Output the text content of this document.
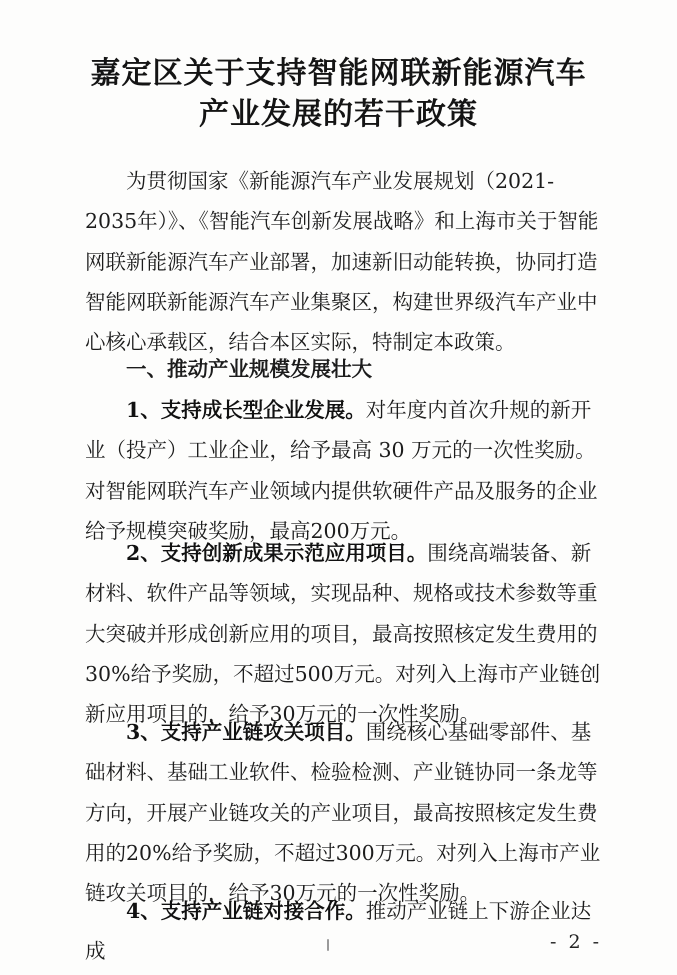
嘉定区关于支持智能网联新能源汽车
产业发展的若干政策

为贯彻国家《新能源汽车产业发展规划（2021-2035年）》、《智能汽车创新发展战略》和上海市关于智能网联新能源汽车产业部署，加速新旧动能转换，协同打造智能网联新能源汽车产业集聚区，构建世界级汽车产业中心核心承载区，结合本区实际，特制定本政策。

一、推动产业规模发展壮大

1、支持成长型企业发展。对年度内首次升规的新开业（投产）工业企业，给予最高 30 万元的一次性奖励。对智能网联汽车产业领域内提供软硬件产品及服务的企业给予规模突破奖励，最高200万元。

2、支持创新成果示范应用项目。围绕高端装备、新材料、软件产品等领域，实现品种、规格或技术参数等重大突破并形成创新应用的项目，最高按照核定发生费用的30%给予奖励，不超过500万元。对列入上海市产业链创新应用项目的，给予30万元的一次性奖励。

3、支持产业链攻关项目。围绕核心基础零部件、基础材料、基础工业软件、检验检测、产业链协同一条龙等方向，开展产业链攻关的产业项目，最高按照核定发生费用的20%给予奖励，不超过300万元。对列入上海市产业链攻关项目的，给予30万元的一次性奖励。

4、支持产业链对接合作。推动产业链上下游企业达成	- 2 -
